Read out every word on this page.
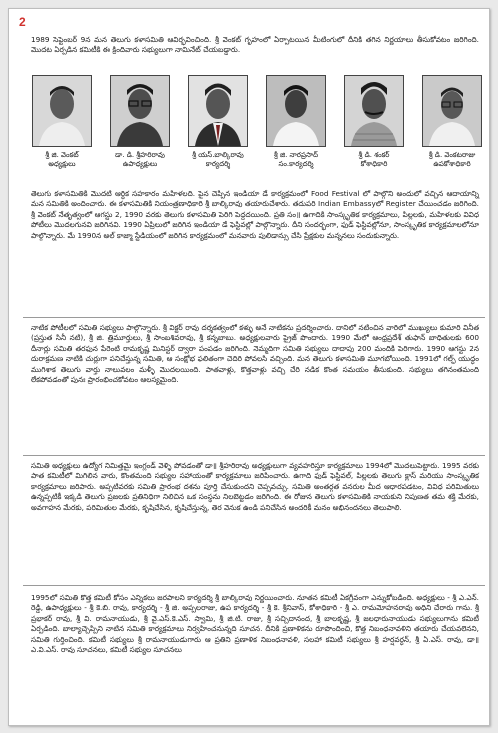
2

1989 సెప్టెంబర్ 9న మన తెలుగు కళాసమితి ఆవిర్భవించింది. శ్రీ వెంకట్ గృహంలో ఏర్పాటయిన మీటింగులో దీనికి తగిన నిర్ణయాలు తీసుకోవటం జరిగింది. మొదట ఏర్పడిన కమిటీకి ఈ క్రిందివారు సభ్యులుగా నామినేట్ చేయబడ్డారు.

శ్రీ జి. వెంకట్
అధ్యక్షులు
డా. డి. శ్రీహరిరావు
ఉపాధ్యక్షులు
శ్రీ యస్.బాల్కిరావు
కార్యదర్శి
శ్రీ జి. నారప్రసాద్
సం.కార్యదర్శి
శ్రీ డి. శంకర్
కోశాధికారి
శ్రీ డి. వెంకటరాజు
ఉపకోశాధికారి

తెలుగు కళాసమితికి మొదటి ఆర్థిక సహకారం మహిళలది. పైన చెప్పిన ఇండియా డే కార్యక్రమంలో Food Festival లో పాల్గొని అందులో వచ్చిన ఆదాయాన్ని మన సమితికి అందించారు. ఈ కళాసమితికి నియంత్రణాధికారి శ్రీ బాల్కిరావు తయారుచేశారు. తదుపరి Indian Embassyలో Register చేయించడం జరిగింది. శ్రీ వెంకట్ నేతృత్వంలో ఆగస్టు 2, 1990 వరకు తెలుగు కళాసమితి పెరిగి పెద్దదయింది. ప్రతి సం॥ ఉగాదికి సాంస్కృతిక కార్యక్రమాలు, పిల్లలకు, మహిళలకు వివిధ పోటీలు మొదలగునవి జరిగినవి. 1990 ఏప్రిలులో జరిగిన ఇండియా డే ఫెస్టివల్లో పాల్గొన్నారు. దీని సందర్భంగా, ఫుడ్ ఫెస్టివల్లోనూ, సాంస్కృతిక కార్యక్రమాలలోనూ పాల్గొన్నారు. మే 1990న అల్ కాజ్మా స్టేడియంలో జరిగిన కార్యక్రమంలో మనవారు పులిడాన్సు చేసి ప్రేక్షకుల మన్ననలు సందుకున్నారు.

నాటిక పోటీలలో సమితి సభ్యులు పాల్గొన్నారు. శ్రీ విక్టర్ రావు దర్శకత్వంలో కళ్ళు అనే నాటికను ప్రదర్శించారు. దానిలో నటించిన వారిలో ముఖ్యులు కుమారి వినీత (ప్రస్తుత సినీ నటి), శ్రీ జి. త్రిమూర్తులు, శ్రీ సాంబశివరావు, శ్రీ కన్నబాబు. అధ్యక్షులవారు ప్రైజ్ పొందారు. 1990 మేలో ఆంధ్రప్రదేశ్ తుఫాన్ బాధితులకు 600 దీనార్లు సమితి తరఫున పేరెంటి రామకృష్ణ మినిస్టర్ ద్వారా పంపడం జరిగింది. నెమ్మదిగా సమితి సభ్యులు దాదాపు 200 మందికి పెరిగారు. 1990 ఆగస్టు 2న దురాక్రమణ నాటికి చుర్లుగా పనిచేస్తున్న సమితి, ఆ సంక్షోభ ఫలితంగా చెదిరి పోవలసి వచ్చింది. మన తెలుగు కళాసమితి మూగబోయింది. 1991లో గల్ఫ్ యుద్ధం ముగిశాక తెలుగు వార్తు నాలువలం మళ్ళీ మొదలయింది. పాతవాళ్లు, కొత్తవాళ్లు వచ్చి చేరి నడిక కొంత సమయం తీసుకుంది. సభ్యులు తగినంతమంది లేకపోవడంతో పునః ప్రారంభించకోవటం ఆలస్యమైంది.

సమితి అధ్యక్షులు ఉద్యోగ నిమిత్తమై ఇంగ్లండ్ వెళ్ళి పోవడంతో డా॥ శ్రీహరిరావు అధ్యక్షులుగా వ్యవహరిస్తూ కార్యక్రమాలు 1994లో మొదలుపెట్టారు. 1995 వరకు పాత కమిటీలో మిగిలిన వారు, కొంతమంది సభ్యుల సహాయంతో కార్యక్రమాలు జరిపించారు. ఉగాది ఫుడ్ ఫెస్టివల్, పిల్లలకు తెలుగు క్లాస్ మరియు సాంస్కృతిక కార్యక్రమాలు జరిపారు. అప్పటివరకు సమితి ప్రారంభ దశను పూర్తి చేసుకుందని చెప్పవచ్చు. సమితి అంతర్గత వనరుల మీద ఆధారపడటం, వివిధ పరిమితులు ఉన్నప్పటికీ ఇక్కడి తెలుగు ప్రజలకు ప్రతినిధిగా నిలిచిన ఒక సంస్థను నిలబెట్టడం జరిగింది. ఈ రోజున తెలుగు కళాసమితికి నాయకుని నిపుణత తమ శక్తి మేరకు, అవగాహన మేరకు, పరిమితుల మేరకు, కృషిచేసిన, కృషిచేస్తున్న, తెర వెనుక ఉండి పనిచేసిన అందరికీ మనం అభినందనలు తెలుపాలి.

1995లో సమితి కొత్త కమిటీ కోసం ఎన్నికలు జరపాలని కార్యదర్శి శ్రీ బాల్కిరావు నిర్ణయించారు. నూతన కమిటీ ఏకగ్రీవంగా ఎన్నుకోబడింది. అధ్యక్షులు - శ్రీ ఎ.ఎన్. రెడ్డి, ఉపాధ్యక్షులు - శ్రీ కె.బి. రావు, కార్యదర్శి - శ్రీ జి. అప్పలరాజు, ఉప కార్యదర్శి - శ్రీ కె. శ్రీనివాస్, కోశాధికారి - శ్రీ ఎ. రామమోహనరావు అధిని చేరారు గాను. శ్రీ ప్రభాకర్ రావు, శ్రీ వి. రామనాయుడు, శ్రీ వై.ఎస్.కె.ఎస్. స్వామి, శ్రీ జి.టి. రాజు, శ్రీ సచ్చిదానంద, శ్రీ బాలకృష్ణ, శ్రీ జలధారునాయుడు సభ్యులుగాను కమిటీ ఏర్పడింది. బాల్యాచ్చెప్పిని నాటిన సమితి కార్యక్రమాలు నిర్వహించనున్నది సూచన. దీనికి ప్రణాళికను రూపొందించి, కొత్త నిబంధనావళిని తయారు చేయవలెనని, సమితి గుర్తించింది. కమిటీ సభ్యులు శ్రీ రామనాయుడుగారు ఆ ప్రతిని ప్రణాళిక నిబంధనావళి, సలహా కమిటీ సభ్యులు శ్రీ హర్షవర్ధన్, శ్రీ ఏ.ఎస్. రావు, డా॥ ఎ.వి.ఎస్. రావు సూచనలు, కమిటీ సభ్యుల సూచనలు
